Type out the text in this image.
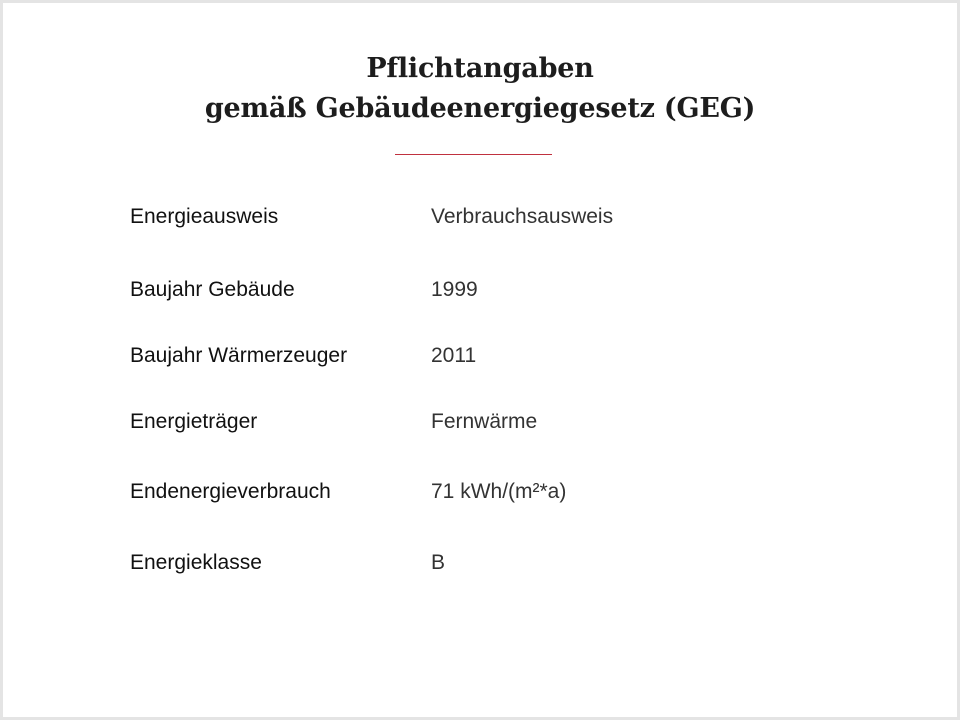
Pflichtangaben
gemäß Gebäudeenergiegesetz (GEG)
Energieausweis	Verbrauchsausweis
Baujahr Gebäude	1999
Baujahr Wärmerzeuger	2011
Energieträger	Fernwärme
Endenergieverbrauch	71 kWh/(m²*a)
Energieklasse	B
